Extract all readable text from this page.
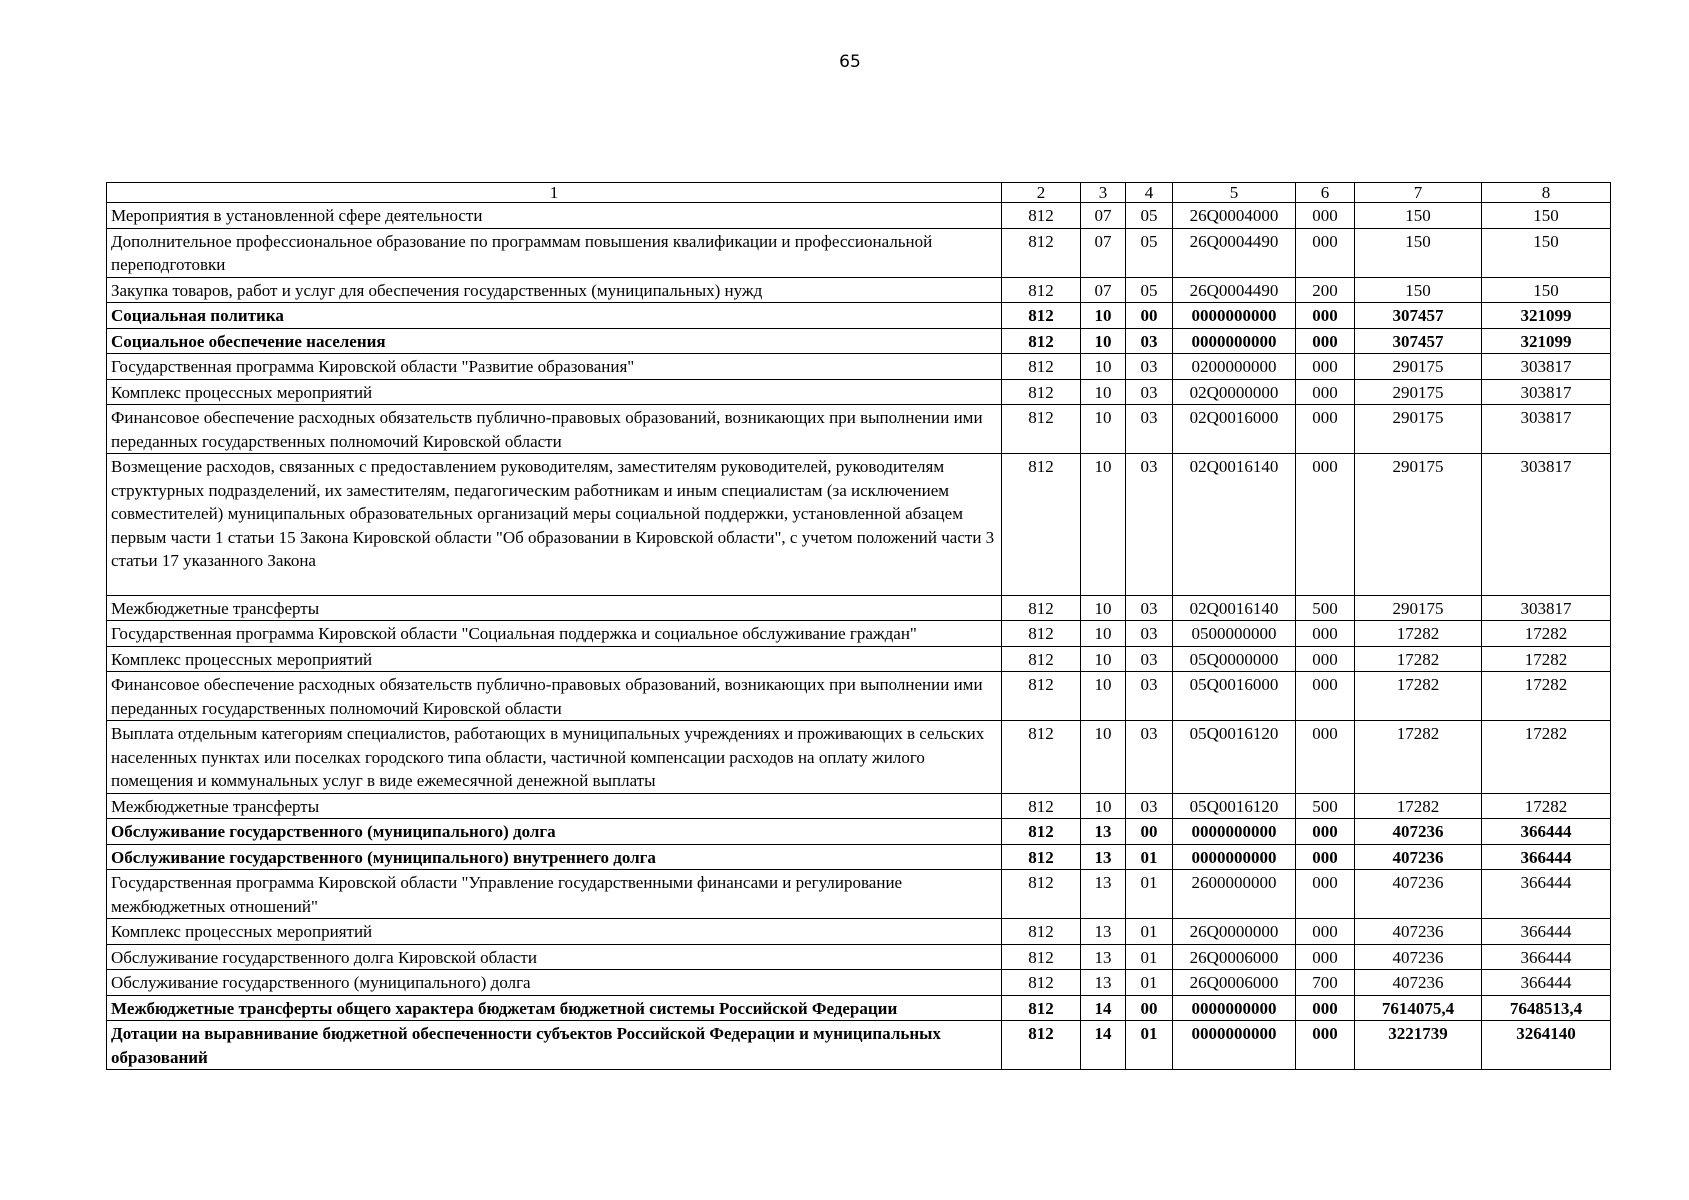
65
1	2	3	4	5	6	7	8
Мероприятия в установленной сфере деятельности	812	07	05	26Q0004000	000	150	150
Дополнительное профессиональное образование по программам повышения квалификации и профессиональной переподготовки	812	07	05	26Q0004490	000	150	150
Закупка товаров, работ и услуг для обеспечения государственных (муниципальных) нужд	812	07	05	26Q0004490	200	150	150
Социальная политика	812	10	00	0000000000	000	307457	321099
Социальное обеспечение населения	812	10	03	0000000000	000	307457	321099
Государственная программа Кировской области "Развитие образования"	812	10	03	0200000000	000	290175	303817
Комплекс процессных мероприятий	812	10	03	02Q0000000	000	290175	303817
Финансовое обеспечение расходных обязательств публично-правовых образований, возникающих при выполнении ими переданных государственных полномочий Кировской области	812	10	03	02Q0016000	000	290175	303817
Возмещение расходов, связанных с предоставлением руководителям, заместителям руководителей, руководителям структурных подразделений, их заместителям, педагогическим работникам и иным специалистам (за исключением совместителей) муниципальных образовательных организаций меры социальной поддержки, установленной абзацем первым части 1 статьи 15 Закона Кировской области "Об образовании в Кировской области", с учетом положений части 3 статьи 17 указанного Закона	812	10	03	02Q0016140	000	290175	303817
Межбюджетные трансферты	812	10	03	02Q0016140	500	290175	303817
Государственная программа Кировской области "Социальная поддержка и социальное обслуживание граждан"	812	10	03	0500000000	000	17282	17282
Комплекс процессных мероприятий	812	10	03	05Q0000000	000	17282	17282
Финансовое обеспечение расходных обязательств публично-правовых образований, возникающих при выполнении ими переданных государственных полномочий Кировской области	812	10	03	05Q0016000	000	17282	17282
Выплата отдельным категориям специалистов, работающих в муниципальных учреждениях и проживающих в сельских населенных пунктах или поселках городского типа области, частичной компенсации расходов на оплату жилого помещения и коммунальных услуг в виде ежемесячной денежной выплаты	812	10	03	05Q0016120	000	17282	17282
Межбюджетные трансферты	812	10	03	05Q0016120	500	17282	17282
Обслуживание государственного (муниципального) долга	812	13	00	0000000000	000	407236	366444
Обслуживание государственного (муниципального) внутреннего долга	812	13	01	0000000000	000	407236	366444
Государственная программа Кировской области "Управление государственными финансами и регулирование межбюджетных отношений"	812	13	01	2600000000	000	407236	366444
Комплекс процессных мероприятий	812	13	01	26Q0000000	000	407236	366444
Обслуживание государственного долга Кировской области	812	13	01	26Q0006000	000	407236	366444
Обслуживание государственного (муниципального) долга	812	13	01	26Q0006000	700	407236	366444
Межбюджетные трансферты общего характера бюджетам бюджетной системы Российской Федерации	812	14	00	0000000000	000	7614075,4	7648513,4
Дотации на выравнивание бюджетной обеспеченности субъектов Российской Федерации и муниципальных образований	812	14	01	0000000000	000	3221739	3264140
